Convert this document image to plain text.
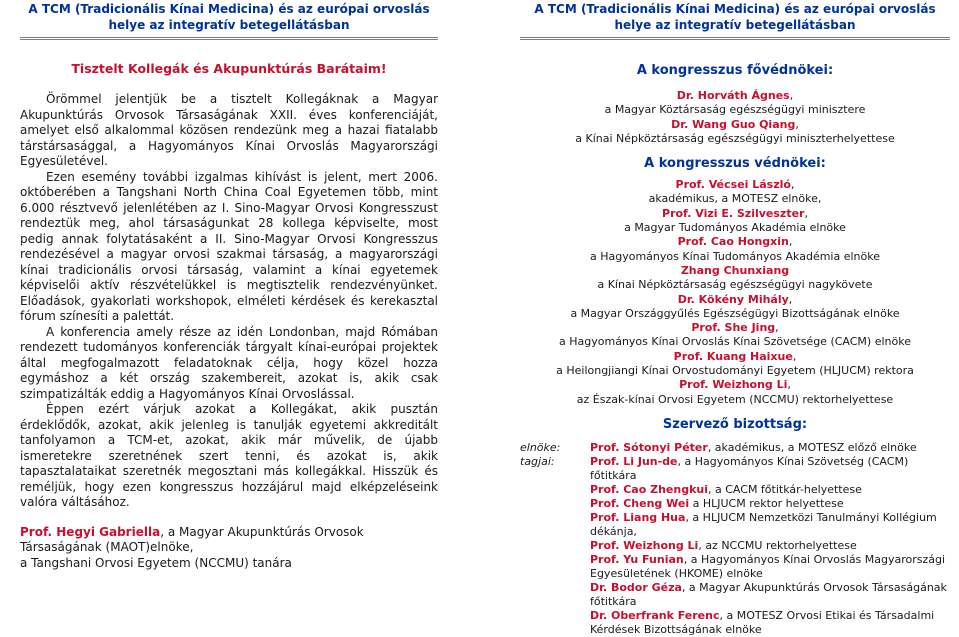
A TCM (Tradicionális Kínai Medicina) és az európai orvoslás helye az integratív betegellátásban
Tisztelt Kollegák és Akupunktúrás Barátaim!

Örömmel jelentjük be a tisztelt Kollegáknak a Magyar Akupunktúrás Orvosok Társaságának XXII. éves konferenciáját, amelyet első alkalommal közösen rendezünk meg a hazai fiatalabb társtársasággal, a Hagyományos Kínai Orvoslás Magyarországi Egyesületével.

Ezen esemény további izgalmas kihívást is jelent, mert 2006. októberében a Tangshani North China Coal Egyetemen több, mint 6.000 résztvevő jelenlétében az I. Sino-Magyar Orvosi Kongresszust rendeztük meg, ahol társaságunkat 28 kollega képviselte, most pedig annak folytatásaként a II. Sino-Magyar Orvosi Kongresszus rendezésével a magyar orvosi szakmai társaság, a magyarországi kínai tradicionális orvosi társaság, valamint a kínai egyetemek képviselői aktív részvételükkel is megtisztelik rendezvényünket. Előadások, gyakorlati workshopok, elméleti kérdések és kerekasztal fórum színesíti a palettát.

A konferencia amely része az idén Londonban, majd Rómában rendezett tudományos konferenciák tárgyalt kínai-európai projektek által megfogalmazott feladatoknak célja, hogy közel hozza egymáshoz a két ország szakembereit, azokat is, akik csak szimpatizálták eddig a Hagyományos Kínai Orvoslással.

Éppen ezért várjuk azokat a Kollegákat, akik pusztán érdeklődők, azokat, akik jelenleg is tanulják egyetemi akkreditált tanfolyamon a TCM-et, azokat, akik már művelik, de újabb ismeretekre szeretnének szert tenni, és azokat is, akik tapasztalataikat szeretnék megosztani más kollegákkal. Hisszük és reméljük, hogy ezen kongresszus hozzájárul majd elképzeléseink valóra váltásához.

Prof. Hegyi Gabriella, a Magyar Akupunktúrás Orvosok Társaságának (MAOT)elnöke,
a Tangshani Orvosi Egyetem (NCCMU) tanára
A TCM (Tradicionális Kínai Medicina) és az európai orvoslás helye az integratív betegellátásban
A kongresszus fővédnökei:
Dr. Horváth Ágnes,
a Magyar Köztársaság egészségügyi minisztere
Dr. Wang Guo Qiang,
a Kínai Népköztársaság egészségügyi miniszterhelyettese
A kongresszus védnökei:
Prof. Vécsei László,
akadémikus, a MOTESZ elnöke,
Prof. Vizi E. Szilveszter,
a Magyar Tudományos Akadémia elnöke
Prof. Cao Hongxin,
a Hagyományos Kínai Tudományos Akadémia elnöke
Zhang Chunxiang
a Kínai Népköztársaság egészségügyi nagykövete
Dr. Kökény Mihály,
a Magyar Országgyűlés Egészségügyi Bizottságának elnöke
Prof. She Jing,
a Hagyományos Kínai Orvoslás Kínai Szövetsége (CACM) elnöke
Prof. Kuang Haixue,
a Heilongjiangi Kínai Orvostudományi Egyetem (HLJUCM) rektora
Prof. Weizhong Li,
az Észak-kínai Orvosi Egyetem (NCCMU) rektorhelyettese
Szervező bizottság:
elnöke:
tagjai:
Prof. Sótonyi Péter, akadémikus, a MOTESZ előző elnöke
Prof. Li Jun-de, a Hagyományos Kínai Szövetség (CACM) főtitkára
Prof. Cao Zhengkui, a CACM főtitkár-helyettese
Prof. Cheng Wei a HLJUCM rektor helyettese
Prof. Liang Hua, a HLJUCM Nemzetközi Tanulmányi Kollégium dékánja,
Prof. Weizhong Li, az NCCMU rektorhelyettese
Prof. Yu Funian, a Hagyományos Kínai Orvoslás Magyarországi Egyesületének (HKOME) elnöke
Dr. Bodor Géza, a Magyar Akupunktúrás Orvosok Társaságának főtitkára
Dr. Oberfrank Ferenc, a MOTESZ Orvosi Etikai és Társadalmi Kérdések Bizottságának elnöke
